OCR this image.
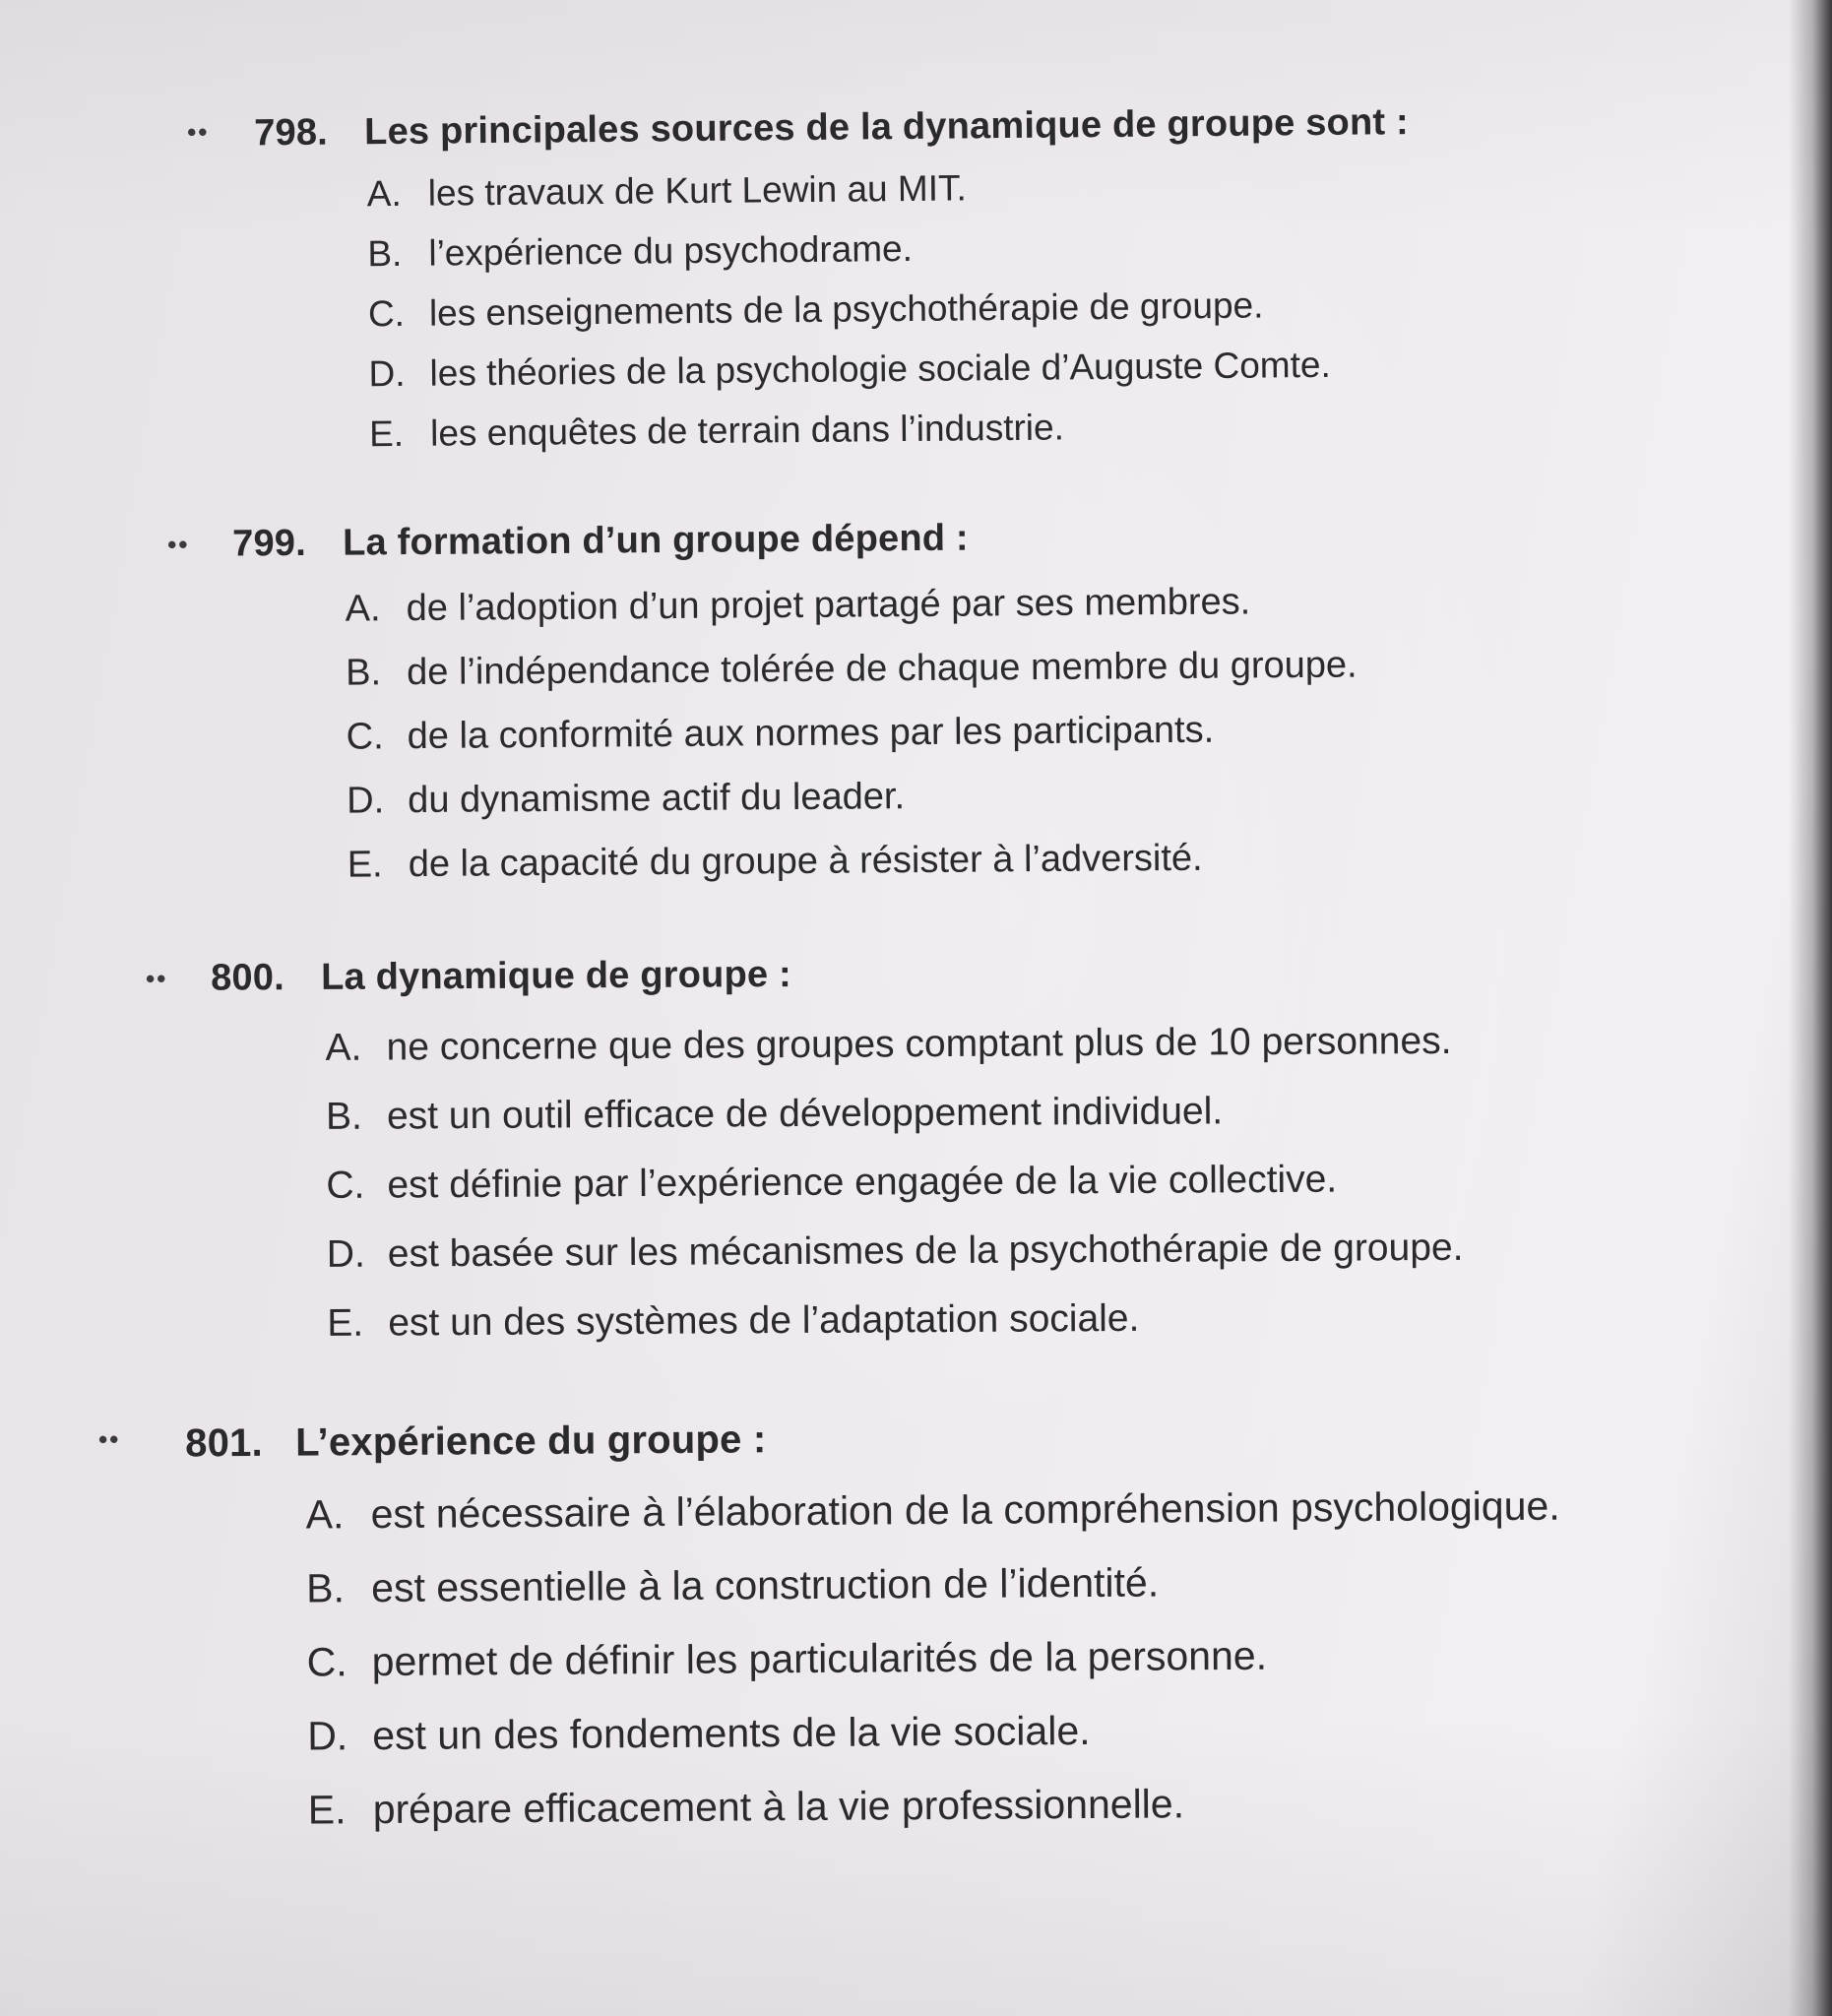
•• 798. Les principales sources de la dynamique de groupe sont :
A. les travaux de Kurt Lewin au MIT.
B. l’expérience du psychodrame.
C. les enseignements de la psychothérapie de groupe.
D. les théories de la psychologie sociale d’Auguste Comte.
E. les enquêtes de terrain dans l’industrie.
•• 799. La formation d’un groupe dépend :
A. de l’adoption d’un projet partagé par ses membres.
B. de l’indépendance tolérée de chaque membre du groupe.
C. de la conformité aux normes par les participants.
D. du dynamisme actif du leader.
E. de la capacité du groupe à résister à l’adversité.
•• 800. La dynamique de groupe :
A. ne concerne que des groupes comptant plus de 10 personnes.
B. est un outil efficace de développement individuel.
C. est définie par l’expérience engagée de la vie collective.
D. est basée sur les mécanismes de la psychothérapie de groupe.
E. est un des systèmes de l’adaptation sociale.
•• 801. L’expérience du groupe :
A. est nécessaire à l’élaboration de la compréhension psychologique.
B. est essentielle à la construction de l’identité.
C. permet de définir les particularités de la personne.
D. est un des fondements de la vie sociale.
E. prépare efficacement à la vie professionnelle.
